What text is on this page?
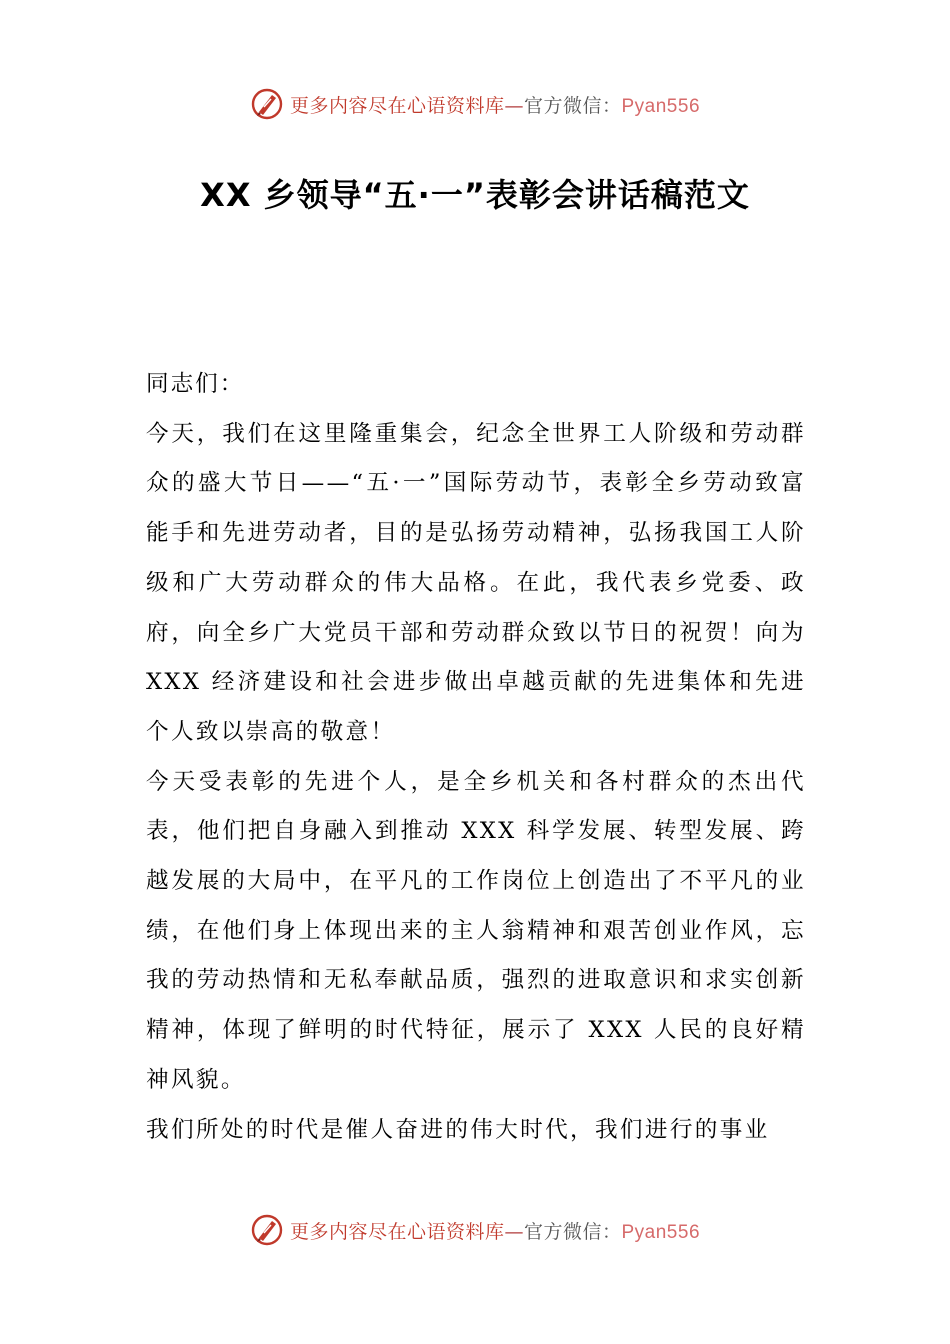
更多内容尽在心语资料库—官方微信：Pyan556
XX 乡领导“五·一”表彰会讲话稿范文

同志们：

今天，我们在这里隆重集会，纪念全世界工人阶级和劳动群众的盛大节日——“五·一”国际劳动节，表彰全乡劳动致富能手和先进劳动者，目的是弘扬劳动精神，弘扬我国工人阶级和广大劳动群众的伟大品格。在此，我代表乡党委、政府，向全乡广大党员干部和劳动群众致以节日的祝贺！向为 XXX 经济建设和社会进步做出卓越贡献的先进集体和先进个人致以崇高的敬意！

今天受表彰的先进个人，是全乡机关和各村群众的杰出代表，他们把自身融入到推动 XXX 科学发展、转型发展、跨越发展的大局中，在平凡的工作岗位上创造出了不平凡的业绩，在他们身上体现出来的主人翁精神和艰苦创业作风，忘我的劳动热情和无私奉献品质，强烈的进取意识和求实创新精神，体现了鲜明的时代特征，展示了 XXX 人民的良好精神风貌。

我们所处的时代是催人奋进的伟大时代，我们进行的事业

更多内容尽在心语资料库—官方微信：Pyan556
